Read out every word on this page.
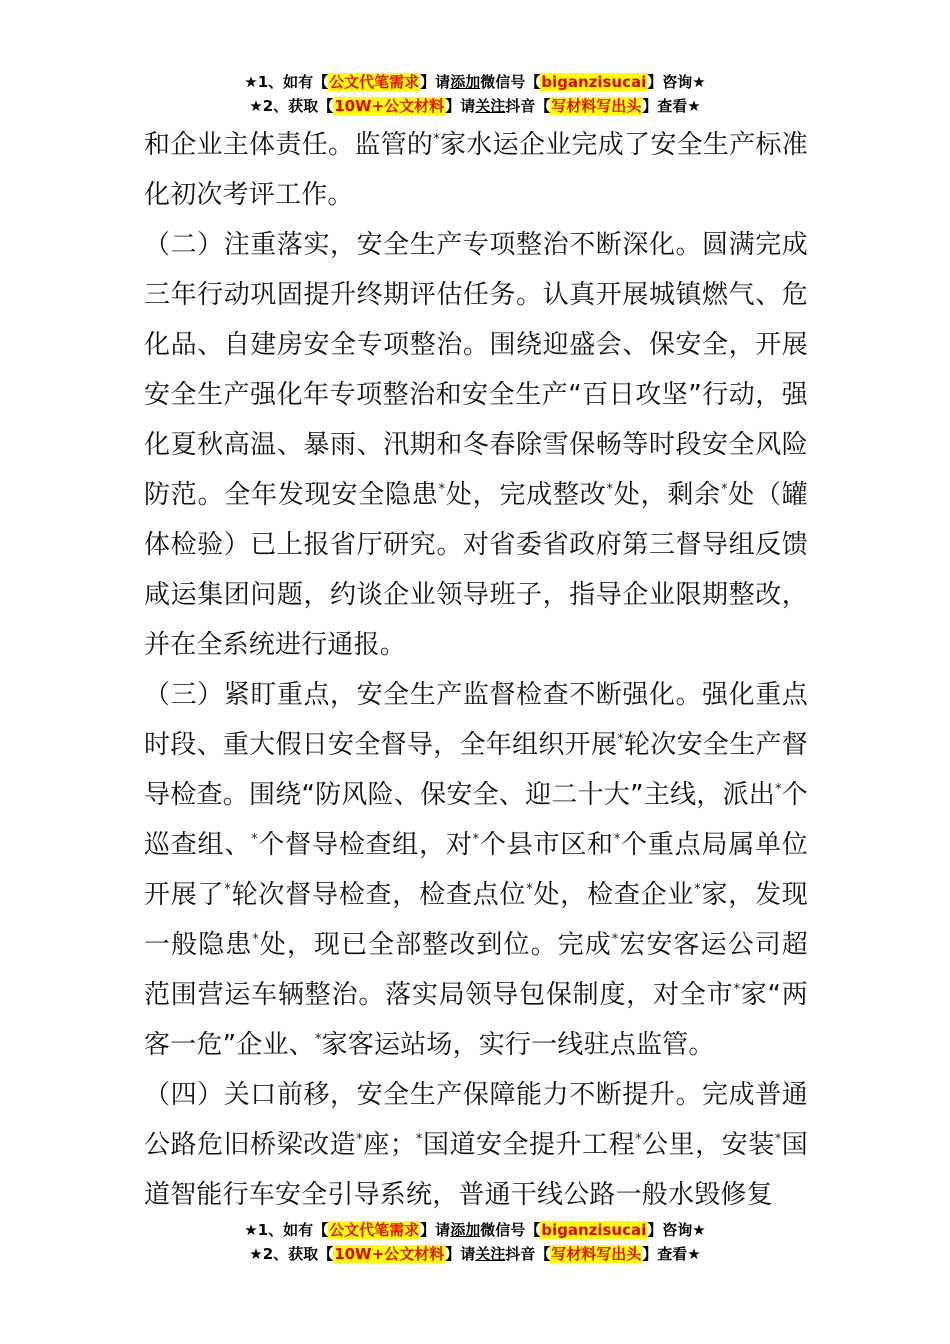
★1、如有【公文代笔需求】请添加微信号【biganzisucai】咨询★
★2、获取【10W+公文材料】请关注抖音【写材料写出头】查看★

和企业主体责任。监管的*家水运企业完成了安全生产标准化初次考评工作。

（二）注重落实，安全生产专项整治不断深化。圆满完成三年行动巩固提升终期评估任务。认真开展城镇燃气、危化品、自建房安全专项整治。围绕迎盛会、保安全，开展安全生产强化年专项整治和安全生产“百日攻坚”行动，强化夏秋高温、暴雨、汛期和冬春除雪保畅等时段安全风险防范。全年发现安全隐患*处，完成整改*处，剩余*处（罐体检验）已上报省厅研究。对省委省政府第三督导组反馈咸运集团问题，约谈企业领导班子，指导企业限期整改，并在全系统进行通报。

（三）紧盯重点，安全生产监督检查不断强化。强化重点时段、重大假日安全督导，全年组织开展*轮次安全生产督导检查。围绕“防风险、保安全、迎二十大”主线，派出*个巡查组、*个督导检查组，对*个县市区和*个重点局属单位开展了*轮次督导检查，检查点位*处，检查企业*家，发现一般隐患*处，现已全部整改到位。完成*宏安客运公司超范围营运车辆整治。落实局领导包保制度，对全市*家“两客一危”企业、*家客运站场，实行一线驻点监管。

（四）关口前移，安全生产保障能力不断提升。完成普通公路危旧桥梁改造*座；*国道安全提升工程*公里，安装*国道智能行车安全引导系统，普通干线公路一般水毁修复

★1、如有【公文代笔需求】请添加微信号【biganzisucai】咨询★
★2、获取【10W+公文材料】请关注抖音【写材料写出头】查看★
